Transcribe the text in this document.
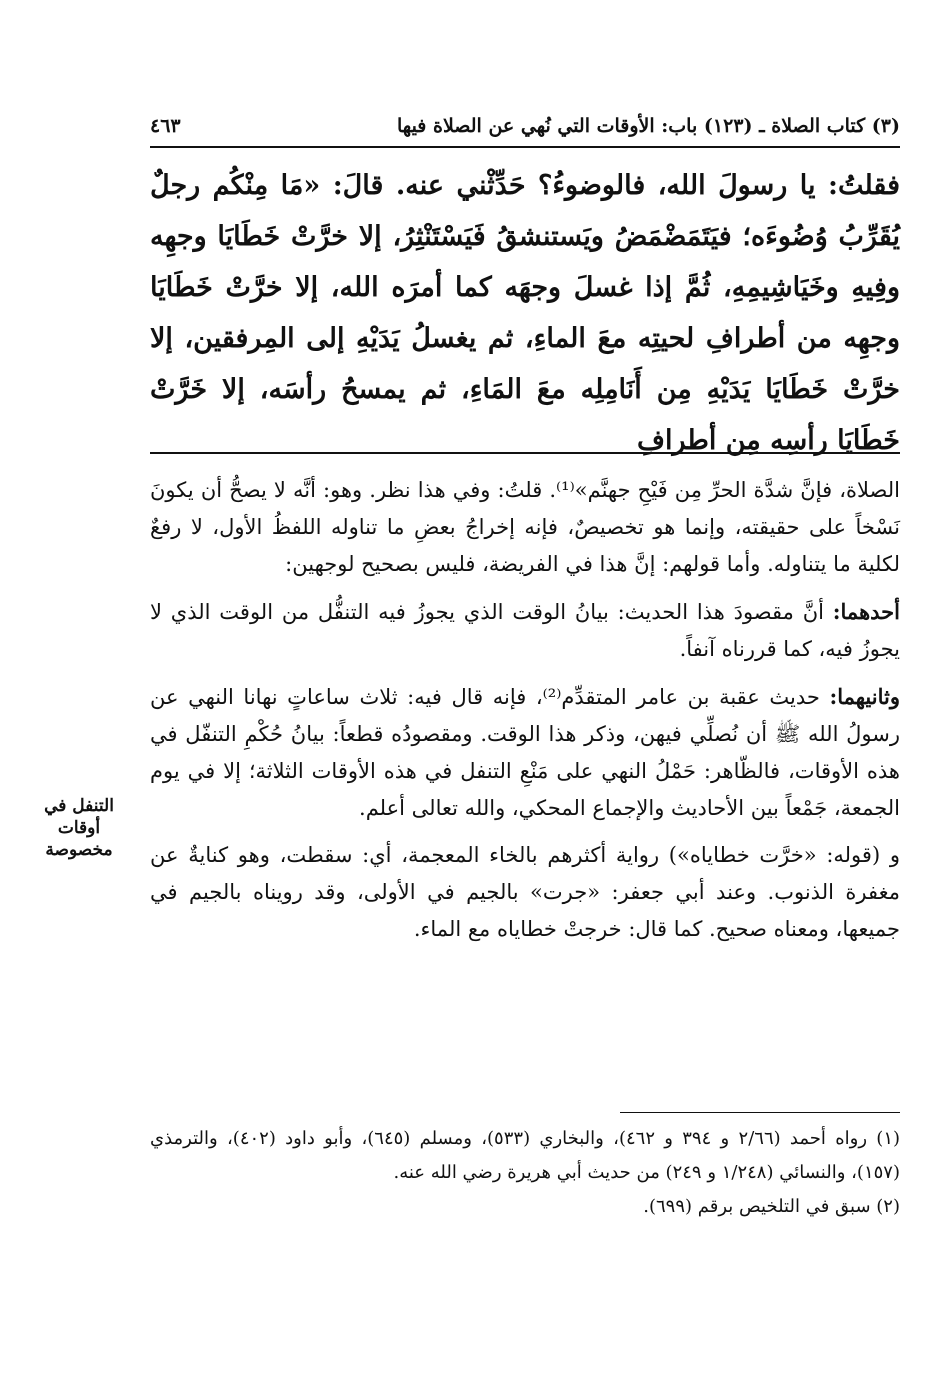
(٣) كتاب الصلاة ـ (١٢٣) باب: الأوقات التي نُهي عن الصلاة فيها
٤٦٣
فقلتُ: يا رسولَ الله، فالوضوءُ؟ حَدِّثْني عنه. قالَ: «مَا مِنْكُم رجلٌ يُقَرِّبُ وُضُوءَه؛ فيَتَمَضْمَضُ ويَستنشقُ فَيَسْتَنْثِرُ، إلا خرَّتْ خَطَايَا وجهِه وفِيهِ وخَيَاشِيمِهِ، ثُمَّ إذا غسلَ وجهَه كما أمرَه الله، إلا خرَّتْ خَطَايَا وجهِه من أطرافِ لحيتِه معَ الماءِ، ثم يغسلُ يَدَيْهِ إلى المِرفقين، إلا خرَّتْ خَطَايَا يَدَيْهِ مِن أَنَامِلِه معَ المَاءِ، ثم يمسحُ رأسَه، إلا خَرَّتْ خَطَايَا رأسِه مِن أطرافِ

الصلاة، فإنَّ شدَّة الحرِّ مِن فَيْحِ جهنَّم»⁽¹⁾. قلتُ: وفي هذا نظر. وهو: أنَّه لا يصحُّ أن يكونَ نَسْخاً على حقيقته، وإنما هو تخصيصٌ، فإنه إخراجُ بعضِ ما تناوله اللفظُ الأول، لا رفعٌ لكلية ما يتناوله. وأما قولهم: إنَّ هذا في الفريضة، فليس بصحيح لوجهين:

أحدهما: أنَّ مقصودَ هذا الحديث: بيانُ الوقت الذي يجوزُ فيه التنفُّل من الوقت الذي لا يجوزُ فيه، كما قررناه آنفاً.

وثانيهما: حديث عقبة بن عامر المتقدِّم⁽²⁾، فإنه قال فيه: ثلاث ساعاتٍ نهانا النهي عن رسولُ الله ﷺ أن نُصلِّي فيهن، وذكر هذا الوقت. ومقصودُه قطعاً: بيانُ حُكْمِ التنفّل في هذه الأوقات، فالظّاهر: حَمْلُ النهي على مَنْعِ التنفل في هذه الأوقات الثلاثة؛ إلا في يوم الجمعة، جَمْعاً بين الأحاديث والإجماع المحكي، والله تعالى أعلم.

و (قوله: «خرَّت خطاياه») رواية أكثرهم بالخاء المعجمة، أي: سقطت، وهو كنايةٌ عن مغفرة الذنوب. وعند أبي جعفر: «جرت» بالجيم في الأولى، وقد رويناه بالجيم في جميعها، ومعناه صحيح. كما قال: خرجتْ خطاياه مع الماء.

التنفل في
أوقات
مخصوصة

(١) رواه أحمد (٢/٦٦ و ٣٩٤ و ٤٦٢)، والبخاري (٥٣٣)، ومسلم (٦٤٥)، وأبو داود (٤٠٢)، والترمذي (١٥٧)، والنسائي (١/٢٤٨ و ٢٤٩) من حديث أبي هريرة رضي الله عنه.

(٢) سبق في التلخيص برقم (٦٩٩).
